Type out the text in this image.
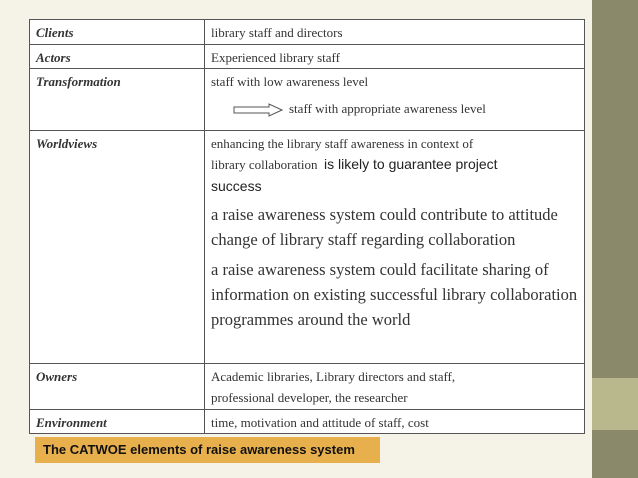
Clients	library staff and directors

Actors	Experienced library staff

Transformation	staff with low awareness level
staff with appropriate awareness level

Worldviews	enhancing the library staff awareness in context of
library collaboration is likely to guarantee project
success
a raise awareness system could contribute to attitude change of library staff regarding collaboration
a raise awareness system could facilitate sharing of information on existing successful library collaboration programmes around the world

Owners	Academic libraries, Library directors and staff,
professional developer, the researcher

Environment	time, motivation and attitude of staff, cost
The CATWOE elements of raise awareness system
